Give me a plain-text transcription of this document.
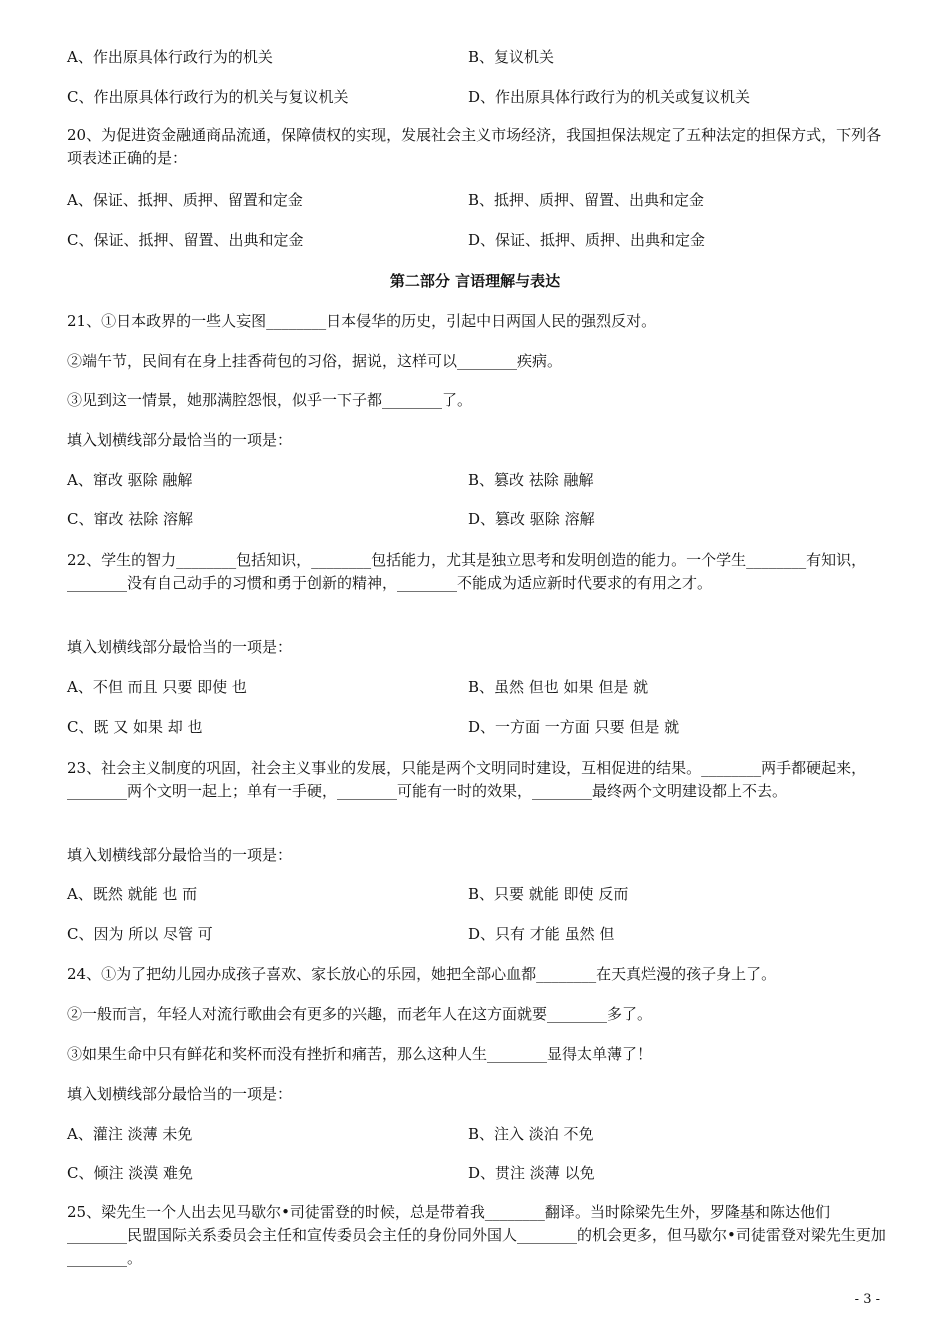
A、作出原具体行政行为的机关	B、复议机关
C、作出原具体行政行为的机关与复议机关	D、作出原具体行政行为的机关或复议机关
20、为促进资金融通商品流通，保障债权的实现，发展社会主义市场经济，我国担保法规定了五种法定的担保方式，下列各项表述正确的是：
A、保证、抵押、质押、留置和定金	B、抵押、质押、留置、出典和定金
C、保证、抵押、留置、出典和定金	D、保证、抵押、质押、出典和定金
第二部分 言语理解与表达
21、①日本政界的一些人妄图________日本侵华的历史，引起中日两国人民的强烈反对。
②端午节，民间有在身上挂香荷包的习俗，据说，这样可以________疾病。
③见到这一情景，她那满腔怨恨，似乎一下子都________了。
填入划横线部分最恰当的一项是：
A、窜改 驱除 融解	B、篡改 祛除 融解
C、窜改 祛除 溶解	D、篡改 驱除 溶解
22、学生的智力________包括知识，________包括能力，尤其是独立思考和发明创造的能力。一个学生________有知识，________没有自己动手的习惯和勇于创新的精神，________不能成为适应新时代要求的有用之才。
填入划横线部分最恰当的一项是：
A、不但 而且 只要 即使 也	B、虽然 但也 如果 但是 就
C、既 又 如果 却 也	D、一方面 一方面 只要 但是 就
23、社会主义制度的巩固，社会主义事业的发展，只能是两个文明同时建设，互相促进的结果。________两手都硬起来，________两个文明一起上；单有一手硬，________可能有一时的效果，________最终两个文明建设都上不去。
填入划横线部分最恰当的一项是：
A、既然 就能 也 而	B、只要 就能 即使 反而
C、因为 所以 尽管 可	D、只有 才能 虽然 但
24、①为了把幼儿园办成孩子喜欢、家长放心的乐园，她把全部心血都________在天真烂漫的孩子身上了。
②一般而言，年轻人对流行歌曲会有更多的兴趣，而老年人在这方面就要________多了。
③如果生命中只有鲜花和奖杯而没有挫折和痛苦，那么这种人生________显得太单薄了！
填入划横线部分最恰当的一项是：
A、灌注 淡薄 未免	B、注入 淡泊 不免
C、倾注 淡漠 难免	D、贯注 淡薄 以免
25、梁先生一个人出去见马歇尔•司徒雷登的时候，总是带着我________翻译。当时除梁先生外，罗隆基和陈达他们________民盟国际关系委员会主任和宣传委员会主任的身份同外国人________的机会更多，但马歇尔•司徒雷登对梁先生更加________。
- 3 -
